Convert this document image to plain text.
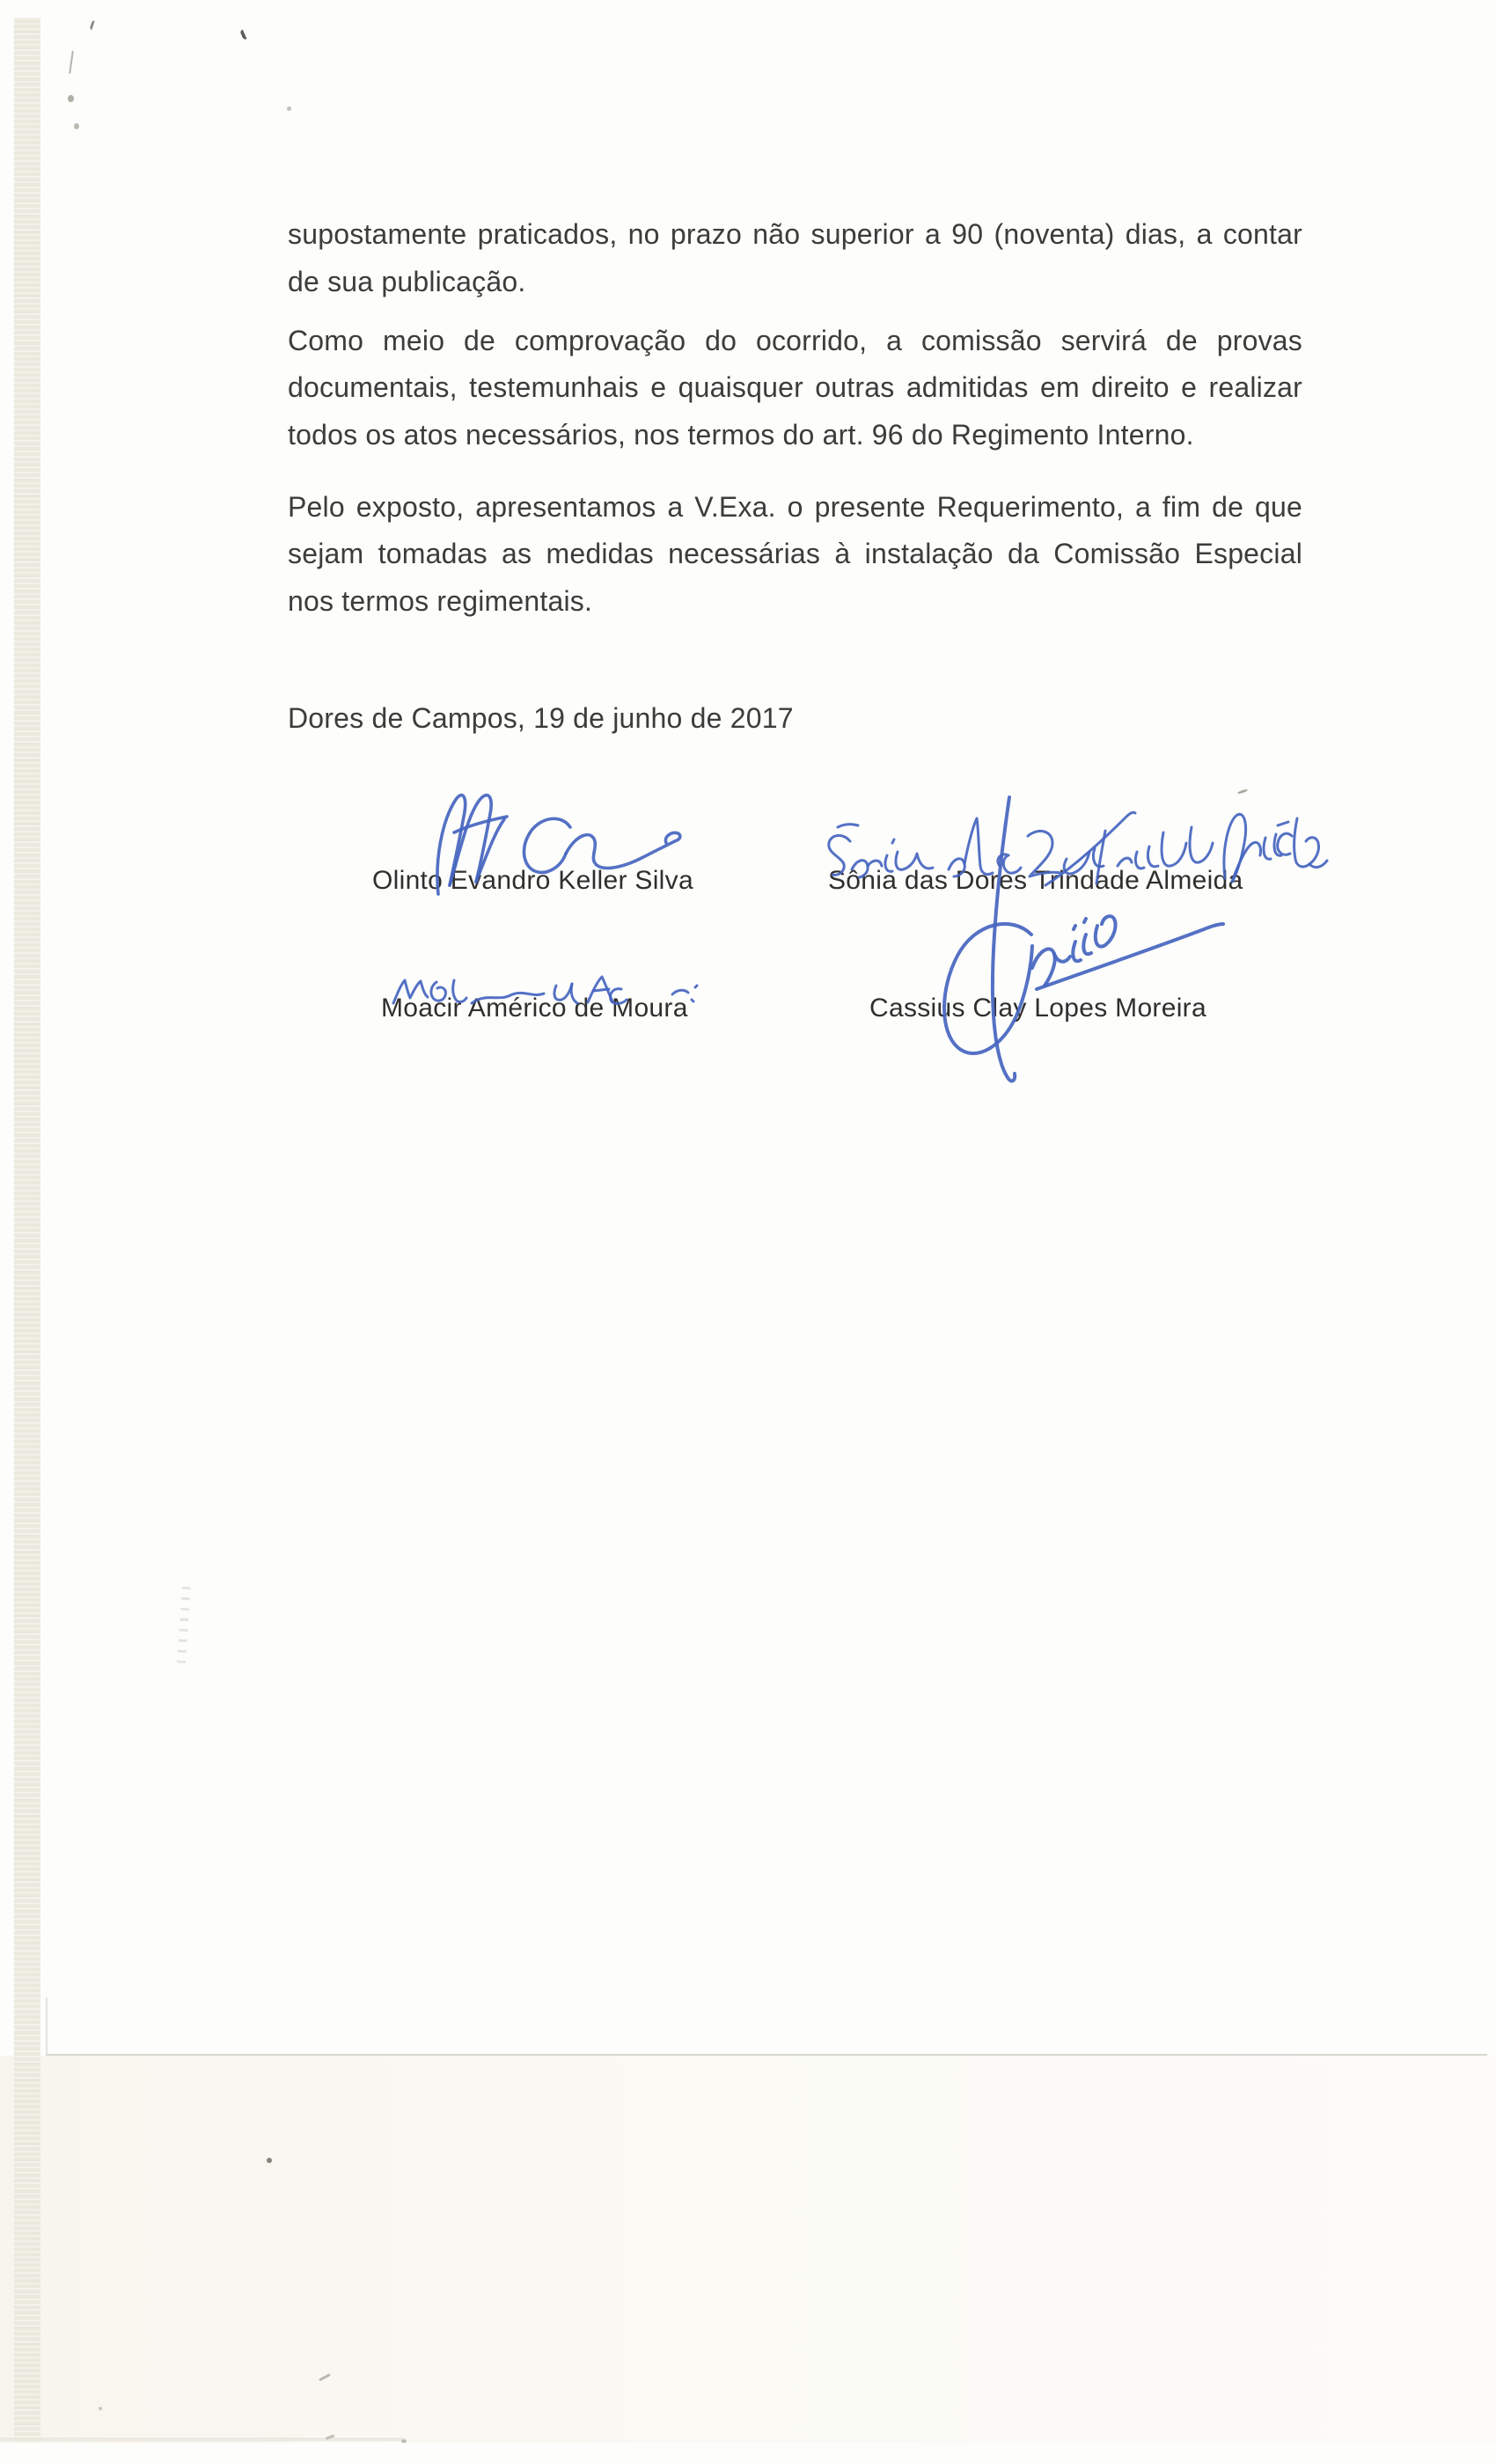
supostamente praticados, no prazo não superior a 90 (noventa) dias, a contar
de sua publicação.
Como meio de comprovação do ocorrido, a comissão servirá de provas
documentais, testemunhais e quaisquer outras admitidas em direito e realizar
todos os atos necessários, nos termos do art. 96 do Regimento Interno.
Pelo exposto, apresentamos a V.Exa. o presente Requerimento, a fim de que
sejam tomadas as medidas necessárias à instalação da Comissão Especial
nos termos regimentais.
Dores de Campos, 19 de junho de 2017
Olinto Evandro Keller Silva	Sônia das Dores Trindade Almeida
Moacir Américo de Moura	Cassius Clay Lopes Moreira
